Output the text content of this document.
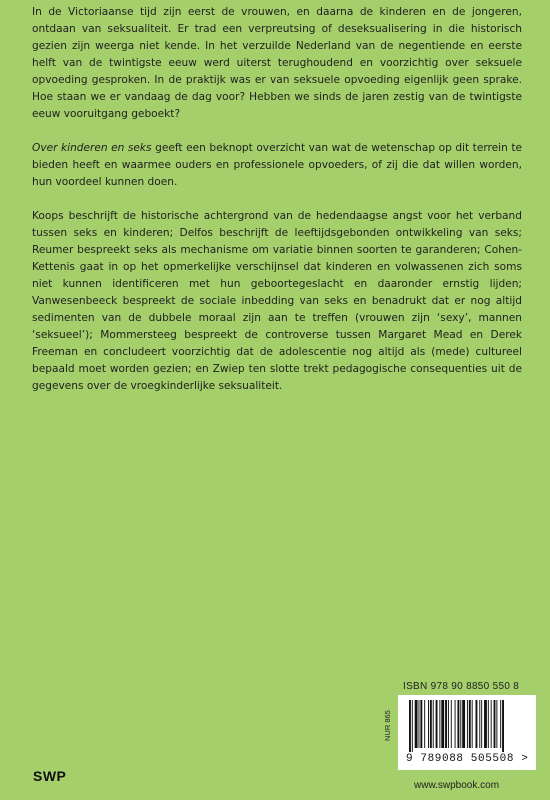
In de Victoriaanse tijd zijn eerst de vrouwen, en daarna de kinderen en de jongeren, ontdaan van seksualiteit. Er trad een verpreutsing of deseksualisering in die historisch gezien zijn weerga niet kende. In het verzuilde Nederland van de negentiende en eerste helft van de twintigste eeuw werd uiterst terughoudend en voorzichtig over seksuele opvoeding gesproken. In de praktijk was er van seksuele opvoeding eigenlijk geen sprake. Hoe staan we er vandaag de dag voor? Hebben we sinds de jaren zestig van de twintigste eeuw vooruitgang geboekt?

Over kinderen en seks geeft een beknopt overzicht van wat de wetenschap op dit terrein te bieden heeft en waarmee ouders en professionele opvoeders, of zij die dat willen worden, hun voordeel kunnen doen.

Koops beschrijft de historische achtergrond van de hedendaagse angst voor het verband tussen seks en kinderen; Delfos beschrijft de leeftijdsgebonden ontwikkeling van seks; Reumer bespreekt seks als mechanisme om variatie binnen soorten te garanderen; Cohen-Kettenis gaat in op het opmerkelijke verschijnsel dat kinderen en volwassenen zich soms niet kunnen identificeren met hun geboortegeslacht en daaronder ernstig lijden; Vanwesenbeeck bespreekt de sociale inbedding van seks en benadrukt dat er nog altijd sedimenten van de dubbele moraal zijn aan te treffen (vrouwen zijn ‘sexy’, mannen ‘seksueel’); Mommersteeg bespreekt de controverse tussen Margaret Mead en Derek Freeman en concludeert voorzichtig dat de adolescentie nog altijd als (mede) cultureel bepaald moet worden gezien; en Zwiep ten slotte trekt pedagogische consequenties uit de gegevens over de vroegkinderlijke seksualiteit.

ISBN 978 90 8850 550 8
NUR 865
9 789088 505508 >
SWP
www.swpbook.com
